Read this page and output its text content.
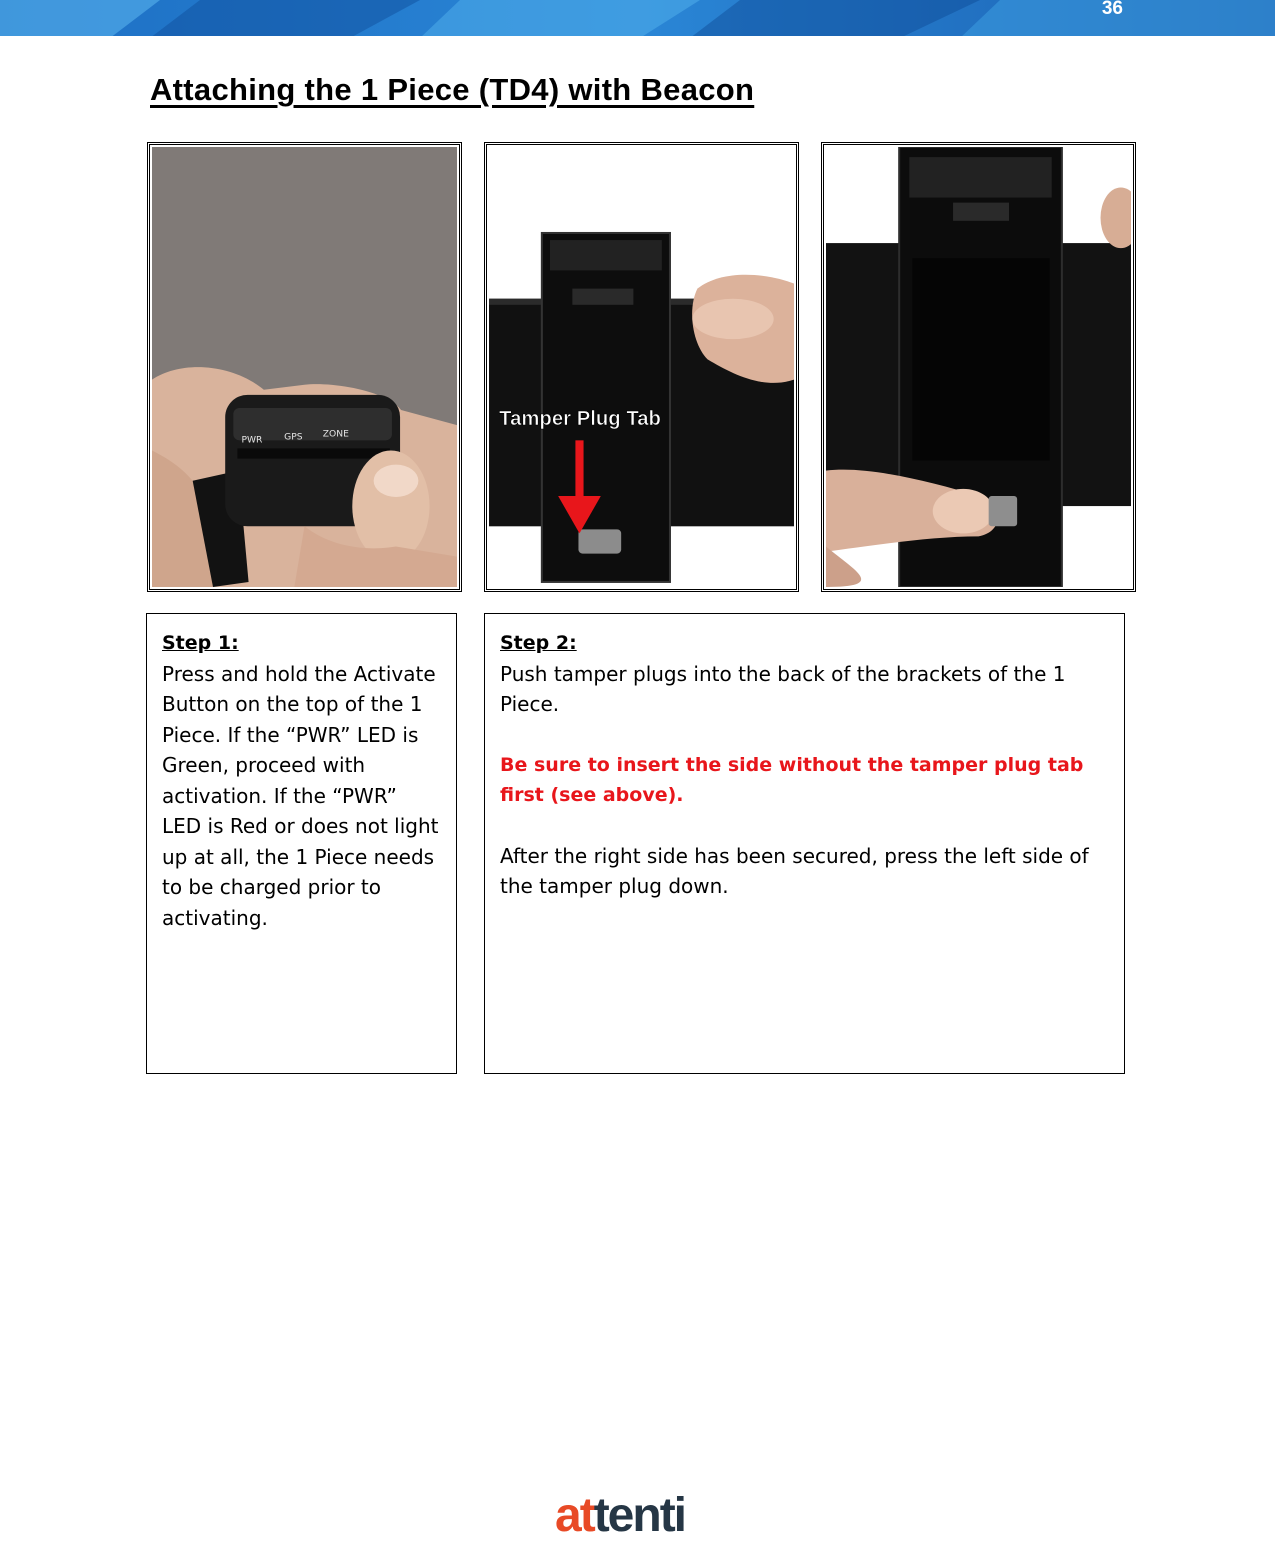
36
Attaching the 1 Piece (TD4) with Beacon
PWR GPS ZONE
Tamper Plug Tab

Step 1:

Press and hold the Activate Button on the top of the 1 Piece. If the “PWR” LED is Green, proceed with activation. If the “PWR” LED is Red or does not light up at all, the 1 Piece needs to be charged prior to activating.

Step 2:

Push tamper plugs into the back of the brackets of the 1 Piece.

Be sure to insert the side without the tamper plug tab first (see above).

After the right side has been secured, press the left side of the tamper plug down.

attenti
